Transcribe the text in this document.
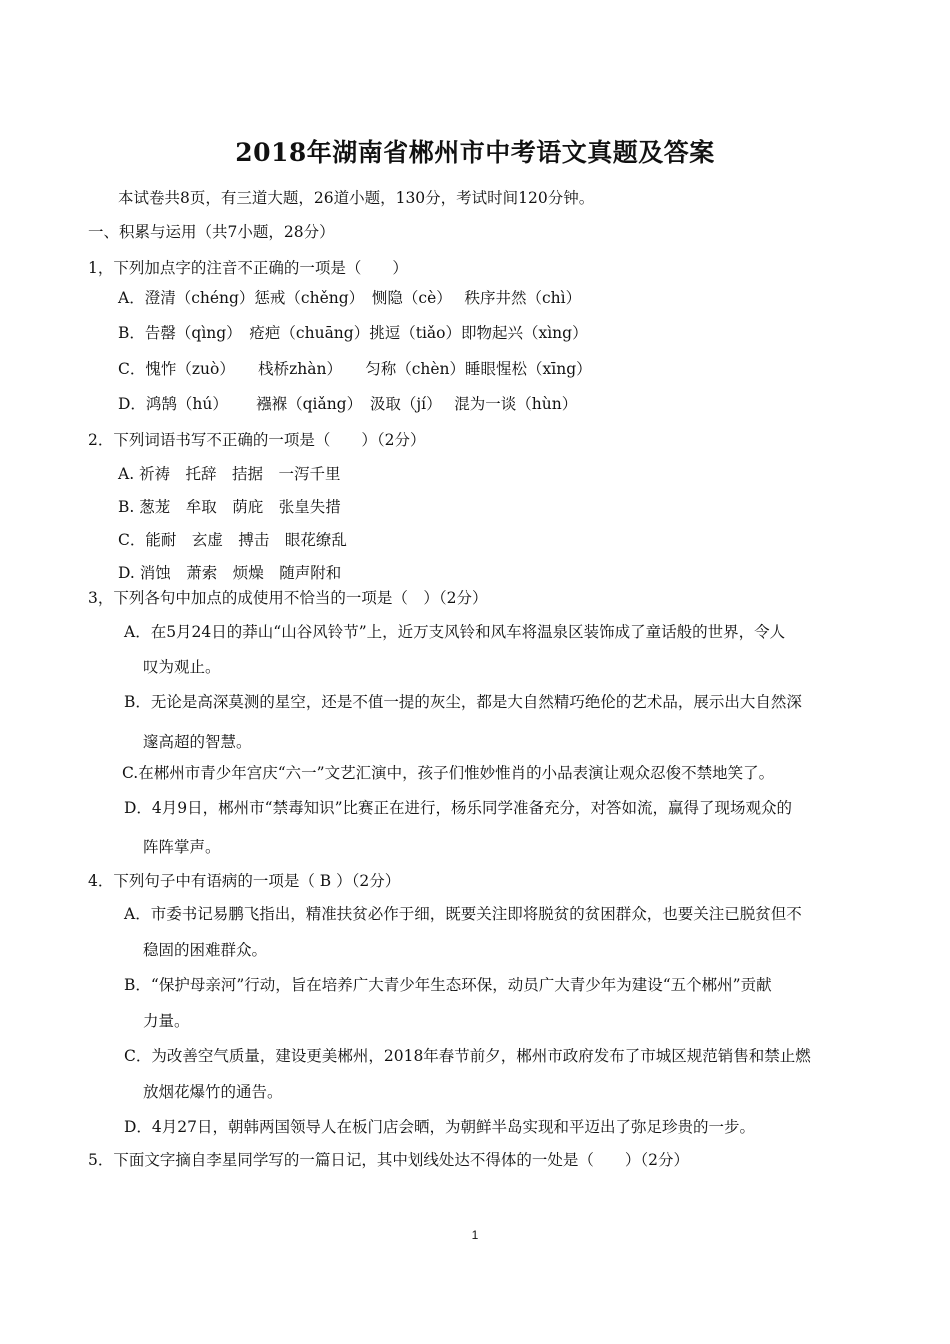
2018年湖南省郴州市中考语文真题及答案
本试卷共8页，有三道大题，26道小题，130分，考试时间120分钟。
一、积累与运用（共7小题，28分）
1，下列加点字的注音不正确的一项是（　　）
A．澄清（chéng）惩戒（chěng）　恻隐（cè）　 秩序井然（chì）
B．告罄（qìng）　疮疤（chuāng）挑逗（tiǎo）即物起兴（xìng）
C．愧怍（zuò）　　栈桥zhàn）　　匀称（chèn）睡眼惺松（xīng）
D．鸿鹄（hú）　　 襁褓（qiǎng）　汲取（jí）　 混为一谈（hùn）
2．下列词语书写不正确的一项是（　　）（2分）
A. 祈祷　托辞　拮据　一泻千里
B. 葱茏　牟取　荫庇　张皇失措
C．能耐　玄虚　搏击　眼花缭乱
D. 消蚀　萧索　烦燥　随声附和
3，下列各句中加点的成使用不恰当的一项是（　）（2分）
A．在5月24日的莽山“山谷风铃节”上，近万支风铃和风车将温泉区装饰成了童话般的世界，令人
叹为观止。
B．无论是高深莫测的星空，还是不值一提的灰尘，都是大自然精巧绝伦的艺术品，展示出大自然深
邃高超的智慧。
C.在郴州市青少年宫庆“六一”文艺汇演中，孩子们惟妙惟肖的小品表演让观众忍俊不禁地笑了。
D．4月9日，郴州市“禁毒知识”比赛正在进行，杨乐同学准备充分，对答如流，赢得了现场观众的
阵阵掌声。
4．下列句子中有语病的一项是（ B ）（2分）
A．市委书记易鹏飞指出，精准扶贫必作于细，既要关注即将脱贫的贫困群众，也要关注已脱贫但不
稳固的困难群众。
B．“保护母亲河”行动，旨在培养广大青少年生态环保，动员广大青少年为建设“五个郴州”贡献
力量。
C．为改善空气质量，建设更美郴州，2018年春节前夕，郴州市政府发布了市城区规范销售和禁止燃
放烟花爆竹的通告。
D．4月27日，朝韩两国领导人在板门店会晒，为朝鲜半岛实现和平迈出了弥足珍贵的一步。
5．下面文字摘自李星同学写的一篇日记，其中划线处达不得体的一处是（　　）（2分）
1
